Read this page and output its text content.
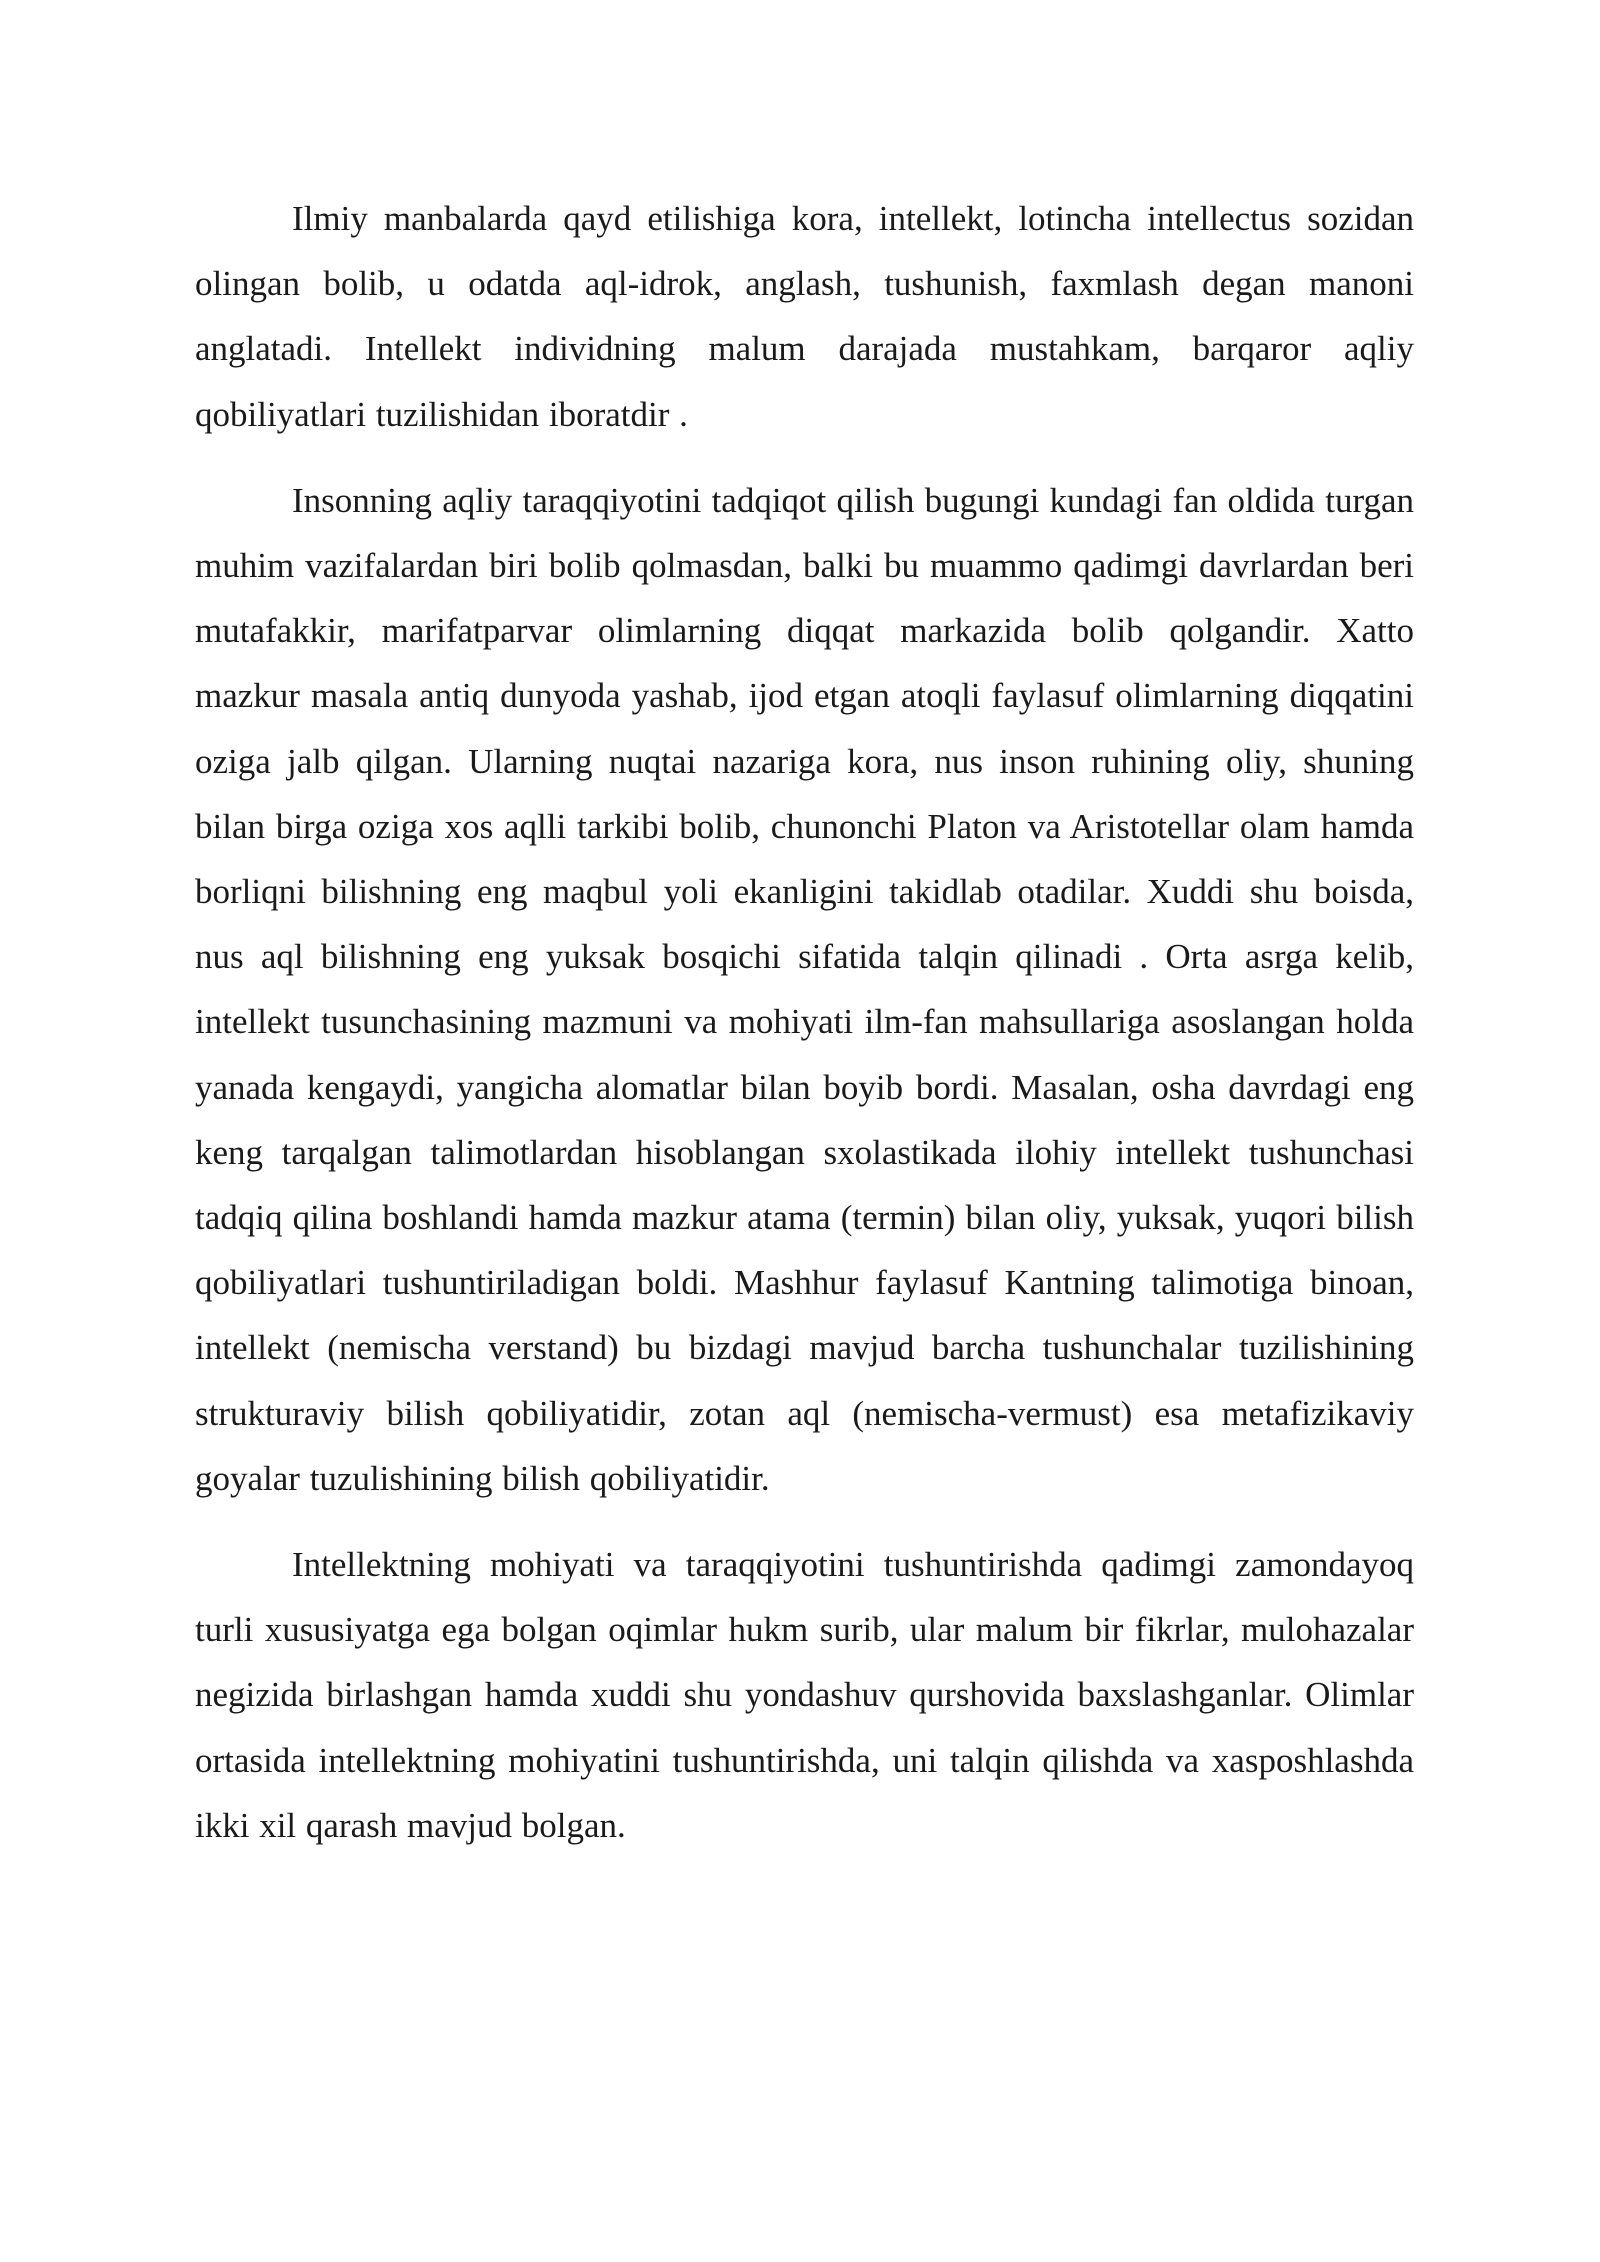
Ilmiy manbalarda qayd etilishiga kora, intellekt, lotincha intellectus sozidan olingan bolib, u odatda aql-idrok, anglash, tushunish, faxmlash degan manoni anglatadi. Intellekt individning malum darajada mustahkam, barqaror aqliy qobiliyatlari tuzilishidan iboratdir .

Insonning aqliy taraqqiyotini tadqiqot qilish bugungi kundagi fan oldida turgan muhim vazifalardan biri bolib qolmasdan, balki bu muammo qadimgi davrlardan beri mutafakkir, marifatparvar olimlarning diqqat markazida bolib qolgandir. Xatto mazkur masala antiq dunyoda yashab, ijod etgan atoqli faylasuf olimlarning diqqatini oziga jalb qilgan. Ularning nuqtai nazariga kora, nus inson ruhining oliy, shuning bilan birga oziga xos aqlli tarkibi bolib, chunonchi Platon va Aristotellar olam hamda borliqni bilishning eng maqbul yoli ekanligini takidlab otadilar. Xuddi shu boisda, nus aql bilishning eng yuksak bosqichi sifatida talqin qilinadi . Orta asrga kelib, intellekt tusunchasining mazmuni va mohiyati ilm-fan mahsullariga asoslangan holda yanada kengaydi, yangicha alomatlar bilan boyib bordi. Masalan, osha davrdagi eng keng tarqalgan talimotlardan hisoblangan sxolastikada ilohiy intellekt tushunchasi tadqiq qilina boshlandi hamda mazkur atama (termin) bilan oliy, yuksak, yuqori bilish qobiliyatlari tushuntiriladigan boldi. Mashhur faylasuf Kantning talimotiga binoan, intellekt (nemischa verstand) bu bizdagi mavjud barcha tushunchalar tuzilishining strukturaviy bilish qobiliyatidir, zotan aql (nemischa-vermust) esa metafizikaviy goyalar tuzulishining bilish qobiliyatidir.

Intellektning mohiyati va taraqqiyotini tushuntirishda qadimgi zamondayoq turli xususiyatga ega bolgan oqimlar hukm surib, ular malum bir fikrlar, mulohazalar negizida birlashgan hamda xuddi shu yondashuv qurshovida baxslashganlar. Olimlar ortasida intellektning mohiyatini tushuntirishda, uni talqin qilishda va xasposhlashda ikki xil qarash mavjud bolgan.
